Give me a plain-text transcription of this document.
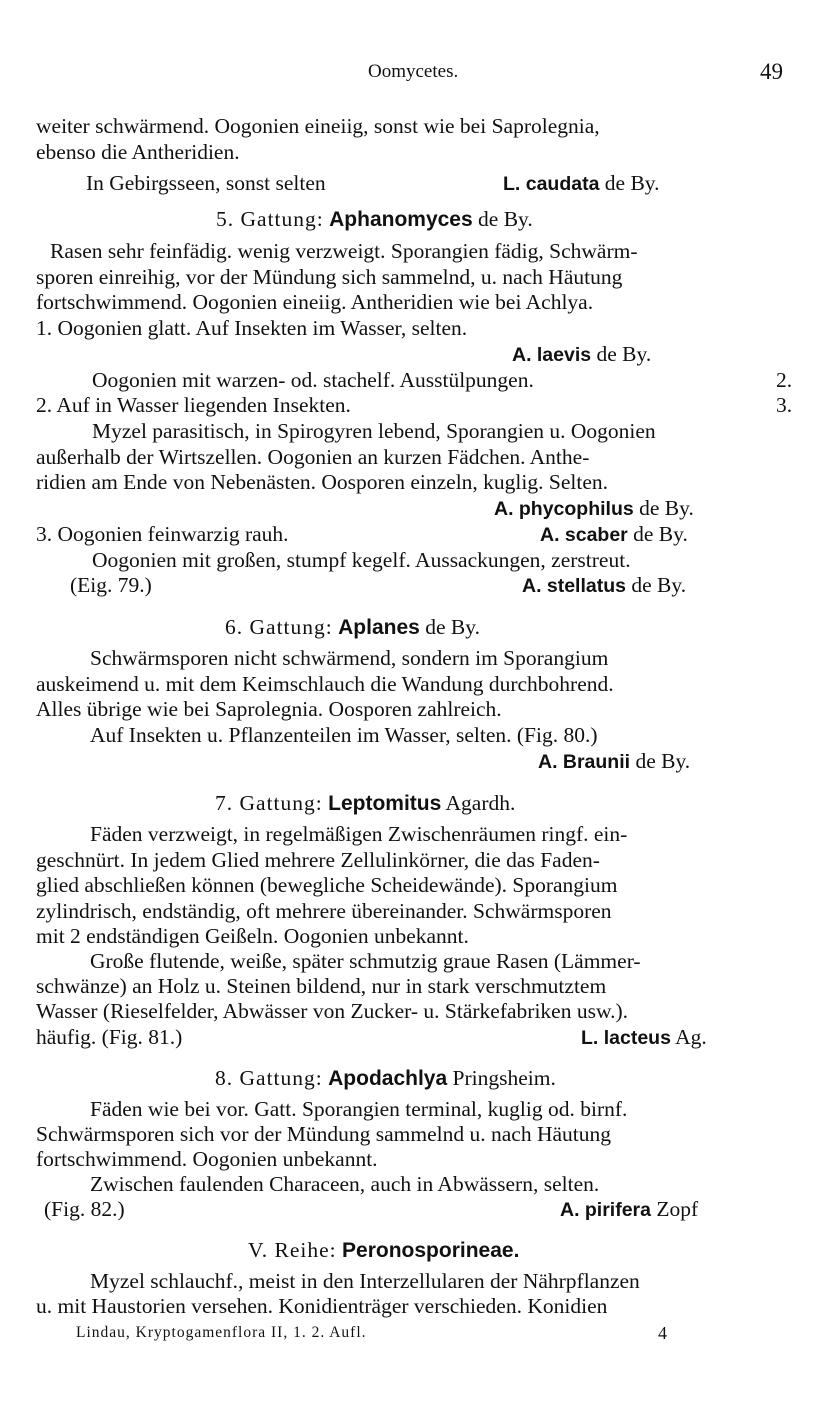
Oomycetes.	49
weiter schwärmend. Oogonien eineiig, sonst wie bei Saprolegnia,
ebenso die Antheridien.
In Gebirgsseen, sonst selten	L. caudata de By.
5. Gattung: Aphanomyces de By.
Rasen sehr feinfädig. wenig verzweigt. Sporangien fädig, Schwärm-
sporen einreihig, vor der Mündung sich sammelnd, u. nach Häutung
fortschwimmend. Oogonien eineiig. Antheridien wie bei Achlya.
1. Oogonien glatt. Auf Insekten im Wasser, selten.
A. laevis de By.
Oogonien mit warzen- od. stachelf. Ausstülpungen.	2.
2. Auf in Wasser liegenden Insekten.	3.
Myzel parasitisch, in Spirogyren lebend, Sporangien u. Oogonien
außerhalb der Wirtszellen. Oogonien an kurzen Fädchen. Anthe-
ridien am Ende von Nebenästen. Oosporen einzeln, kuglig. Selten.
A. phycophilus de By.
3. Oogonien feinwarzig rauh.	A. scaber de By.
Oogonien mit großen, stumpf kegelf. Aussackungen, zerstreut.
(Eig. 79.)	A. stellatus de By.
6. Gattung: Aplanes de By.
Schwärmsporen nicht schwärmend, sondern im Sporangium
auskeimend u. mit dem Keimschlauch die Wandung durchbohrend.
Alles übrige wie bei Saprolegnia. Oosporen zahlreich.
Auf Insekten u. Pflanzenteilen im Wasser, selten. (Fig. 80.)
A. Braunii de By.
7. Gattung: Leptomitus Agardh.
Fäden verzweigt, in regelmäßigen Zwischenräumen ringf. ein-
geschnürt. In jedem Glied mehrere Zellulinkörner, die das Faden-
glied abschließen können (bewegliche Scheidewände). Sporangium
zylindrisch, endständig, oft mehrere übereinander. Schwärmsporen
mit 2 endständigen Geißeln. Oogonien unbekannt.
Große flutende, weiße, später schmutzig graue Rasen (Lämmer-
schwänze) an Holz u. Steinen bildend, nur in stark verschmutztem
Wasser (Rieselfelder, Abwässer von Zucker- u. Stärkefabriken usw.).
häufig. (Fig. 81.)	L. lacteus Ag.
8. Gattung: Apodachlya Pringsheim.
Fäden wie bei vor. Gatt. Sporangien terminal, kuglig od. birnf.
Schwärmsporen sich vor der Mündung sammelnd u. nach Häutung
fortschwimmend. Oogonien unbekannt.
Zwischen faulenden Characeen, auch in Abwässern, selten.
(Fig. 82.)	A. pirifera Zopf
V. Reihe: Peronosporineae.
Myzel schlauchf., meist in den Interzellularen der Nährpflanzen
u. mit Haustorien versehen. Konidienträger verschieden. Konidien
Lindau, Kryptogamenflora II, 1. 2. Aufl.	4
